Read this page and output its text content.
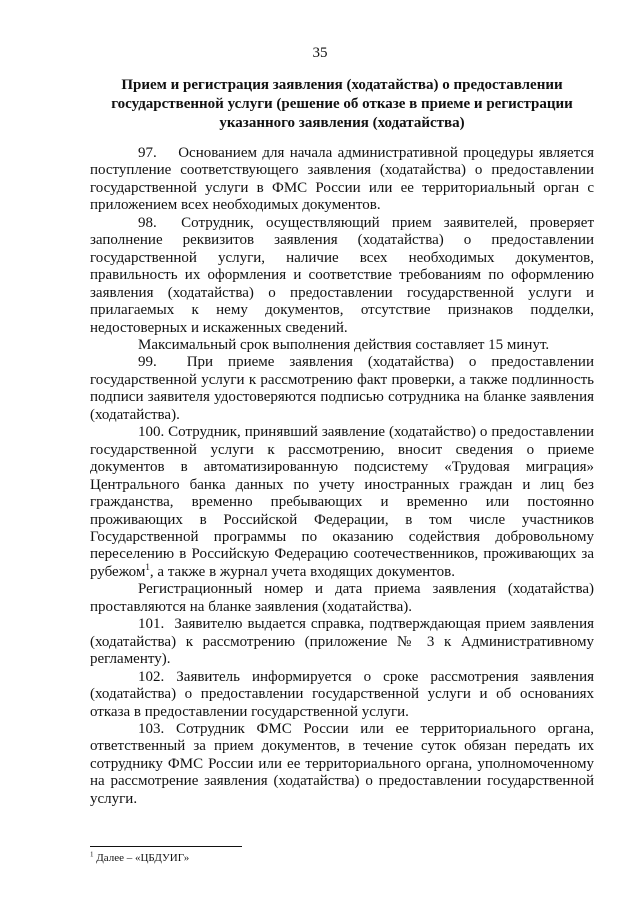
35
Прием и регистрация заявления (ходатайства) о предоставлении государственной услуги (решение об отказе в приеме и регистрации указанного заявления (ходатайства)

97.    Основанием для начала административной процедуры является поступление соответствующего заявления (ходатайства) о предоставлении государственной услуги в ФМС России или ее территориальный орган с приложением всех необходимых документов.

98.  Сотрудник, осуществляющий прием заявителей, проверяет заполнение реквизитов заявления (ходатайства) о предоставлении государственной услуги, наличие всех необходимых документов, правильность их оформления и соответствие требованиям по оформлению заявления (ходатайства) о предоставлении государственной услуги и прилагаемых к нему документов, отсутствие признаков подделки, недостоверных и искаженных сведений.

Максимальный срок выполнения действия составляет 15 минут.

99.  При приеме заявления (ходатайства) о предоставлении государственной услуги к рассмотрению факт проверки, а также подлинность подписи заявителя удостоверяются подписью сотрудника на бланке заявления (ходатайства).

100. Сотрудник, принявший заявление (ходатайство) о предоставлении государственной услуги к рассмотрению, вносит сведения о приеме документов в автоматизированную подсистему «Трудовая миграция» Центрального банка данных по учету иностранных граждан и лиц без гражданства, временно пребывающих и временно или постоянно проживающих в Российской Федерации, в том числе участников Государственной программы по оказанию содействия добровольному переселению в Российскую Федерацию соотечественников, проживающих за рубежом$^1$, а также в журнал учета входящих документов.

Регистрационный номер и дата приема заявления (ходатайства) проставляются на бланке заявления (ходатайства).

101.  Заявителю выдается справка, подтверждающая прием заявления (ходатайства) к рассмотрению (приложение № 3 к Административному регламенту).

102. Заявитель информируется о сроке рассмотрения заявления (ходатайства) о предоставлении государственной услуги и об основаниях отказа в предоставлении государственной услуги.

103. Сотрудник ФМС России или ее территориального органа, ответственный за прием документов, в течение суток обязан передать их сотруднику ФМС России или ее территориального органа, уполномоченному на рассмотрение заявления (ходатайства) о предоставлении государственной услуги.

$^1$ Далее – «ЦБДУИГ»
